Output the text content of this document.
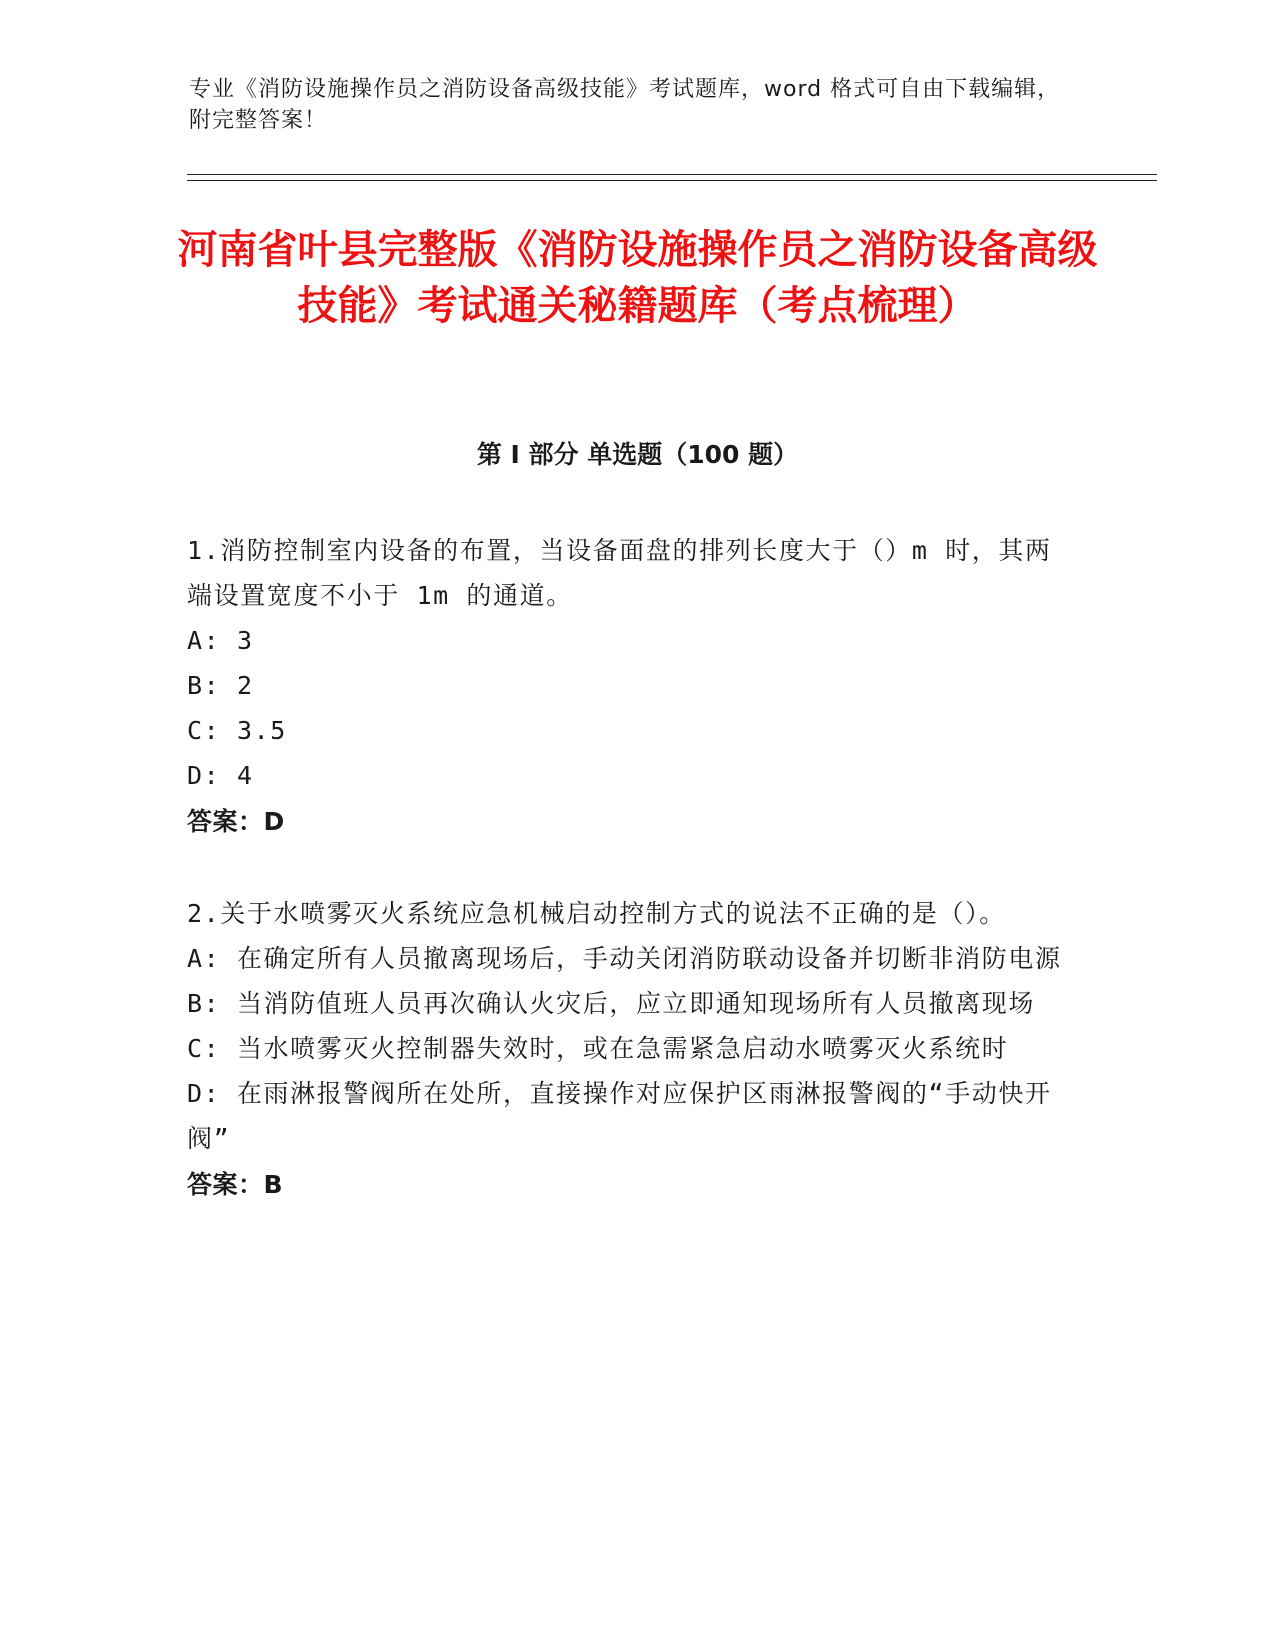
专业《消防设施操作员之消防设备高级技能》考试题库，word 格式可自由下载编辑，附完整答案！
河南省叶县完整版《消防设施操作员之消防设备高级技能》考试通关秘籍题库（考点梳理）
第 I 部分 单选题（100 题）
1.消防控制室内设备的布置，当设备面盘的排列长度大于（）m 时，其两端设置宽度不小于 1m 的通道。
A: 3
B: 2
C: 3.5
D: 4
答案：D
2.关于水喷雾灭火系统应急机械启动控制方式的说法不正确的是（）。
A: 在确定所有人员撤离现场后，手动关闭消防联动设备并切断非消防电源
B: 当消防值班人员再次确认火灾后，应立即通知现场所有人员撤离现场
C: 当水喷雾灭火控制器失效时，或在急需紧急启动水喷雾灭火系统时
D: 在雨淋报警阀所在处所，直接操作对应保护区雨淋报警阀的“手动快开阀”
答案：B
